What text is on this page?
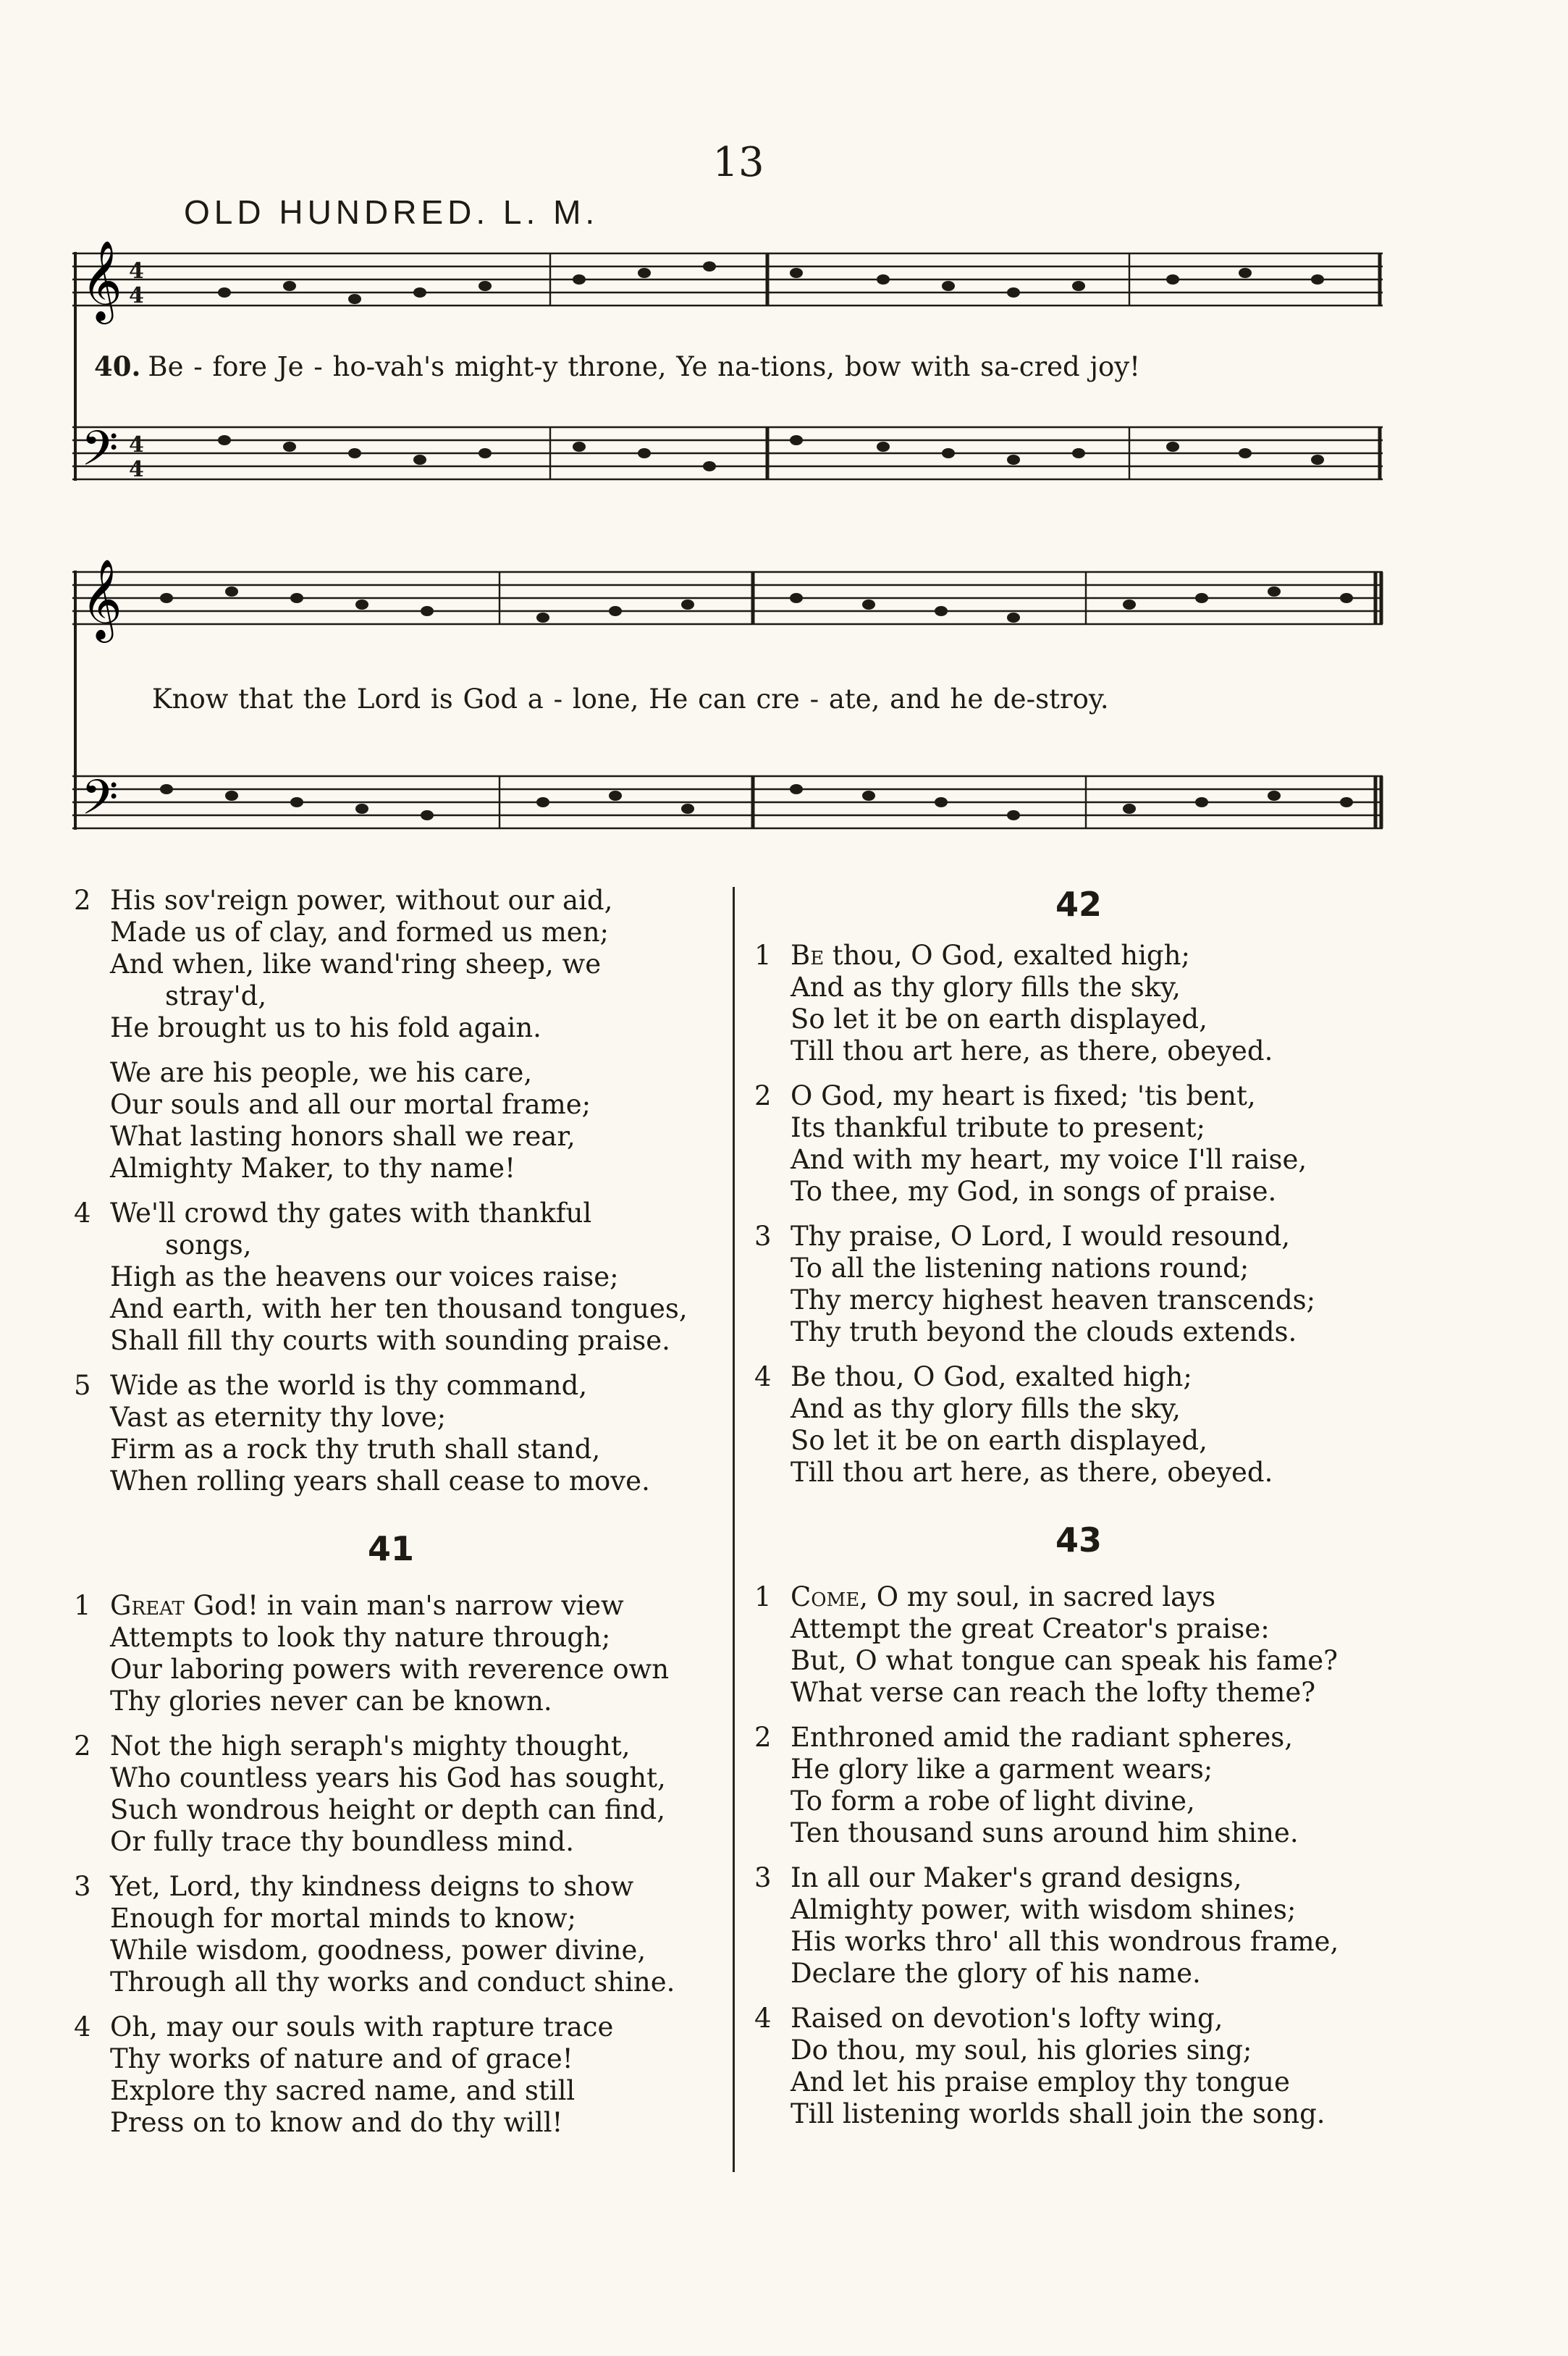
13
OLD HUNDRED. L. M.
𝄞
𝄢
4
4
4
4
40. Be - fore Je - ho-vah's might-y throne, Ye na-tions, bow with sa-cred joy!
𝄞
𝄢
Know that the Lord is God a - lone, He can cre - ate, and he de-stroy.
2 His sov'reign power, without our aid,
Made us of clay, and formed us men;
And when, like wand'ring sheep, we
stray'd,
He brought us to his fold again.
We are his people, we his care,
Our souls and all our mortal frame;
What lasting honors shall we rear,
Almighty Maker, to thy name!
4 We'll crowd thy gates with thankful
songs,
High as the heavens our voices raise;
And earth, with her ten thousand tongues,
Shall fill thy courts with sounding praise.
5 Wide as the world is thy command,
Vast as eternity thy love;
Firm as a rock thy truth shall stand,
When rolling years shall cease to move.
41
1 Great God! in vain man's narrow view
Attempts to look thy nature through;
Our laboring powers with reverence own
Thy glories never can be known.
2 Not the high seraph's mighty thought,
Who countless years his God has sought,
Such wondrous height or depth can find,
Or fully trace thy boundless mind.
3 Yet, Lord, thy kindness deigns to show
Enough for mortal minds to know;
While wisdom, goodness, power divine,
Through all thy works and conduct shine.
4 Oh, may our souls with rapture trace
Thy works of nature and of grace!
Explore thy sacred name, and still
Press on to know and do thy will!
42
1 Be thou, O God, exalted high;
And as thy glory fills the sky,
So let it be on earth displayed,
Till thou art here, as there, obeyed.
2 O God, my heart is fixed; 'tis bent,
Its thankful tribute to present;
And with my heart, my voice I'll raise,
To thee, my God, in songs of praise.
3 Thy praise, O Lord, I would resound,
To all the listening nations round;
Thy mercy highest heaven transcends;
Thy truth beyond the clouds extends.
4 Be thou, O God, exalted high;
And as thy glory fills the sky,
So let it be on earth displayed,
Till thou art here, as there, obeyed.
43
1 Come, O my soul, in sacred lays
Attempt the great Creator's praise:
But, O what tongue can speak his fame?
What verse can reach the lofty theme?
2 Enthroned amid the radiant spheres,
He glory like a garment wears;
To form a robe of light divine,
Ten thousand suns around him shine.
3 In all our Maker's grand designs,
Almighty power, with wisdom shines;
His works thro' all this wondrous frame,
Declare the glory of his name.
4 Raised on devotion's lofty wing,
Do thou, my soul, his glories sing;
And let his praise employ thy tongue
Till listening worlds shall join the song.
